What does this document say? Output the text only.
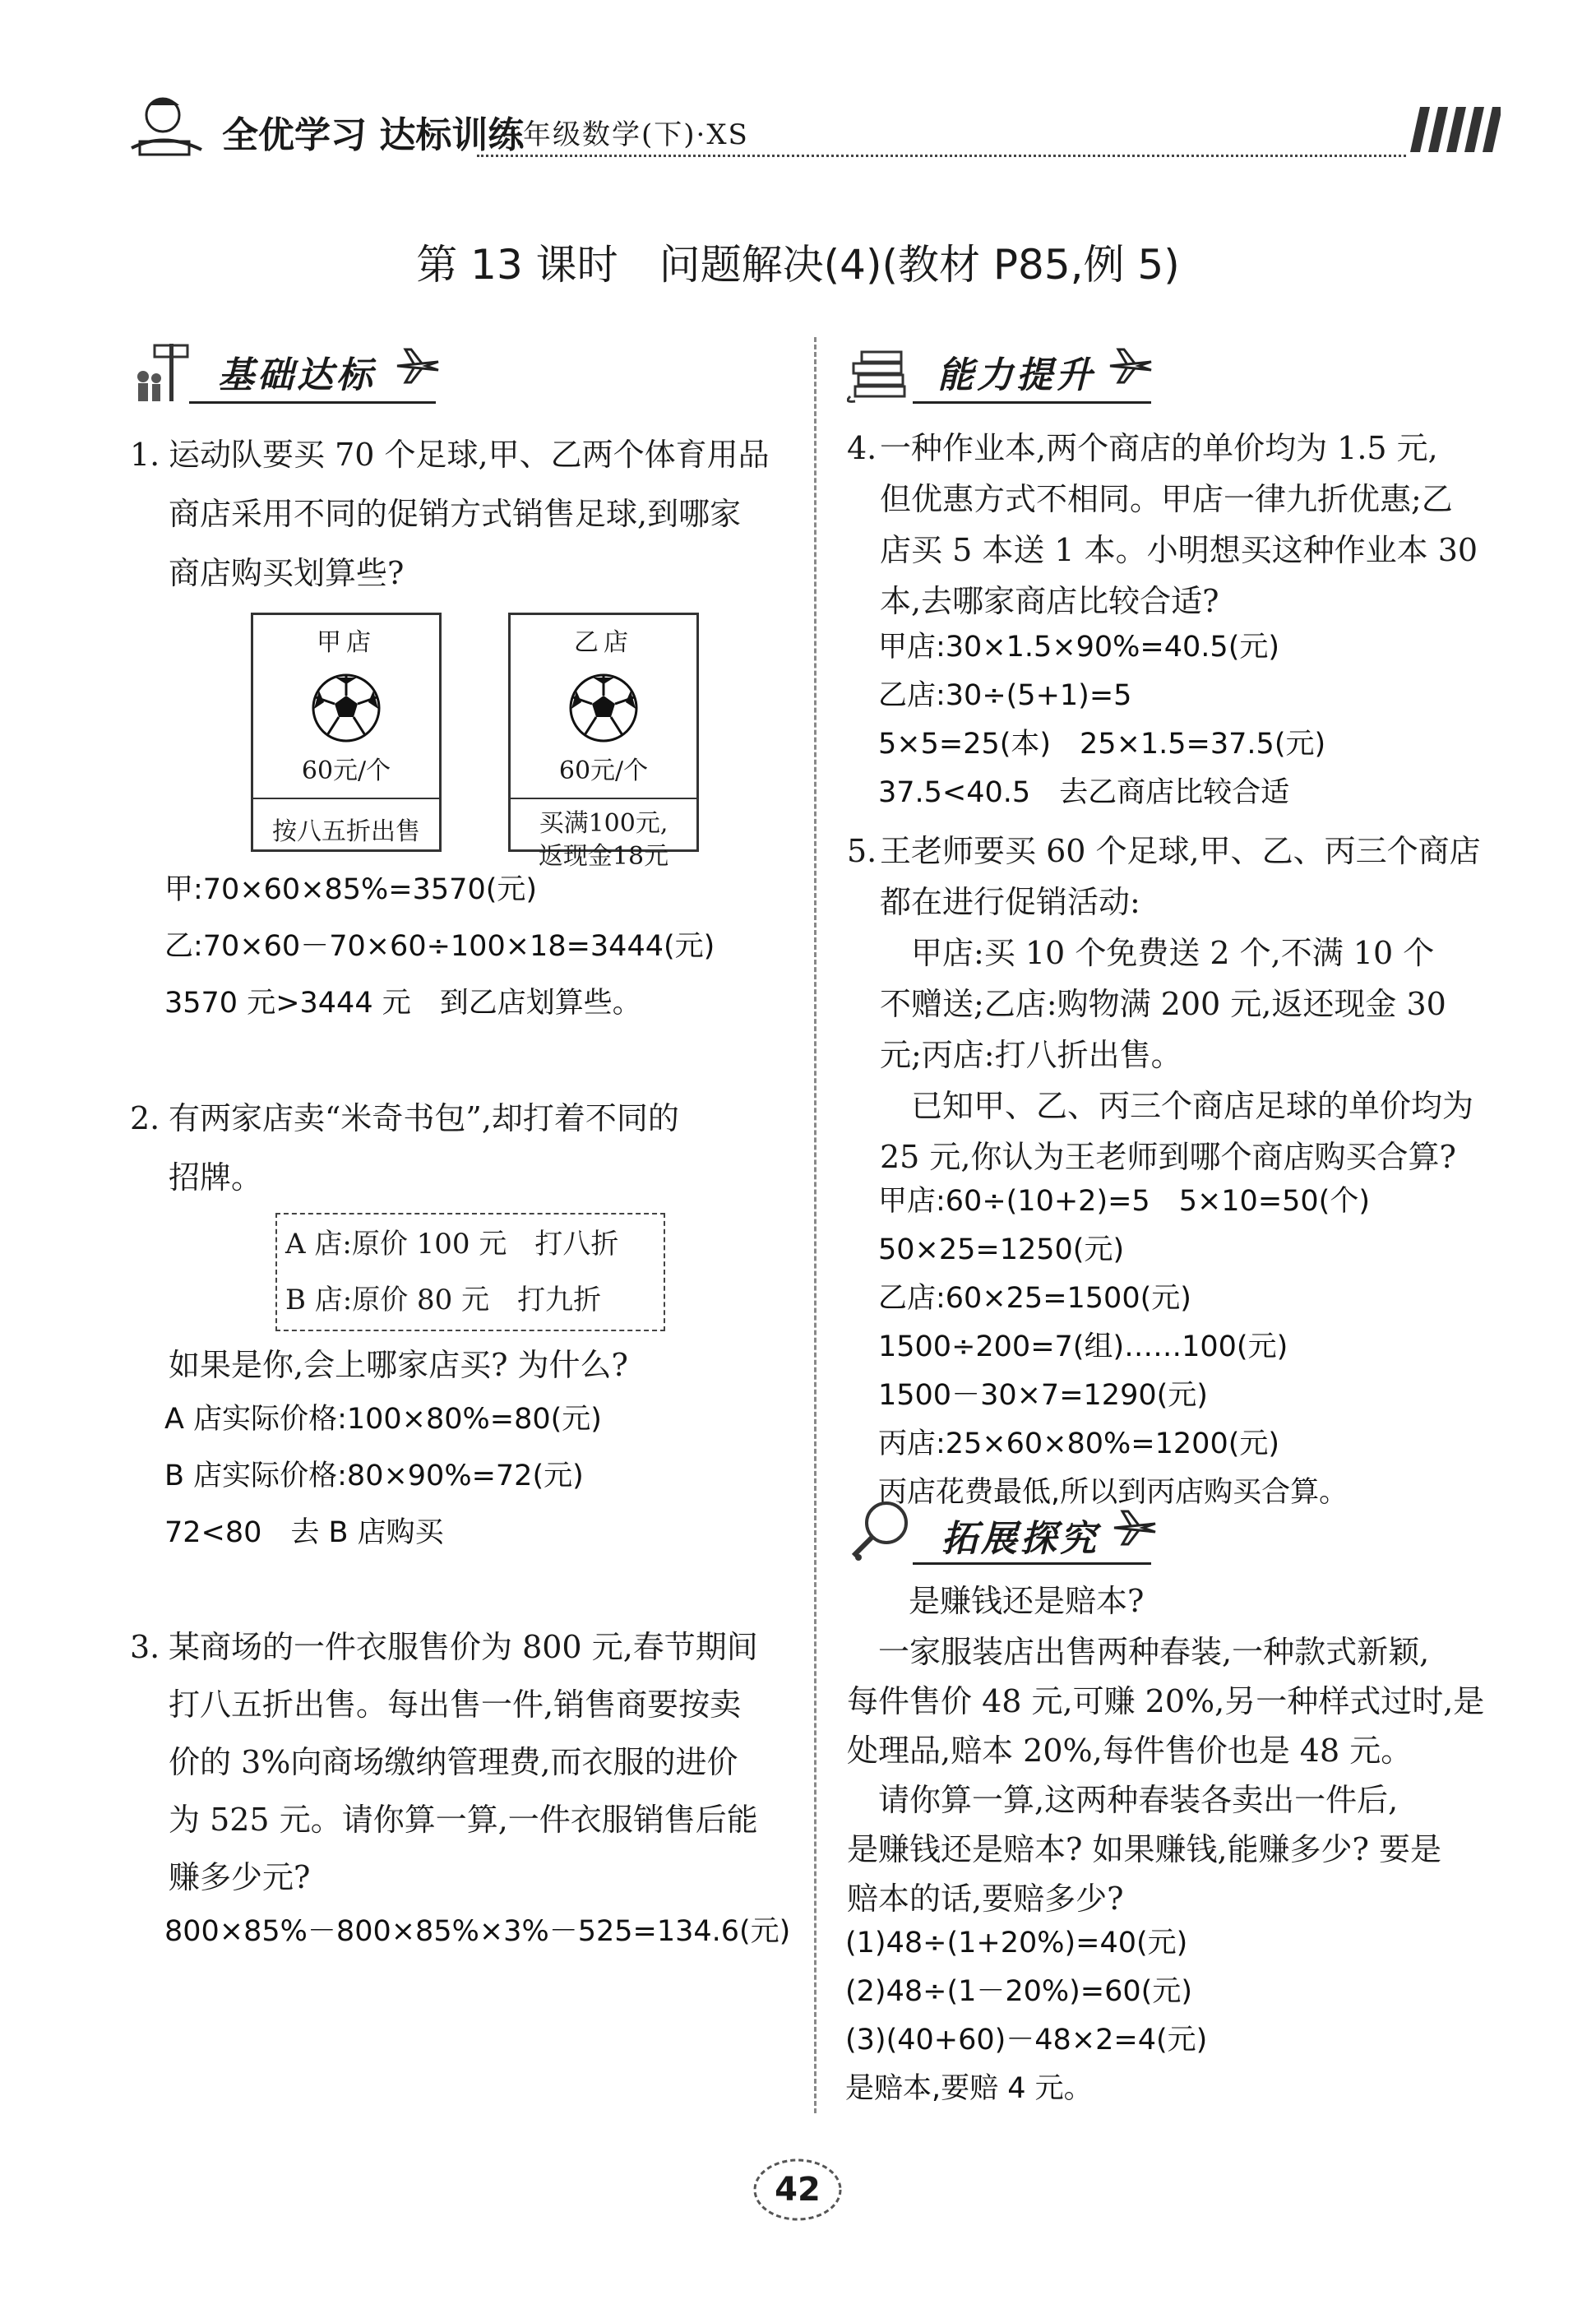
全优学习 达标训练
六年级数学(下)·XS
第 13 课时　问题解决(4)(教材 P85,例 5)
基础达标
1. 运动队要买 70 个足球,甲、乙两个体育用品
商店采用不同的促销方式销售足球,到哪家
商店购买划算些?
甲店
60元/个
按八五折出售
乙店
60元/个
买满100元,
返现金18元
甲:70×60×85%=3570(元)
乙:70×60－70×60÷100×18=3444(元)
3570 元>3444 元　到乙店划算些。
2. 有两家店卖“米奇书包”,却打着不同的
招牌。
A 店:原价 100 元　打八折
B 店:原价 80 元　打九折
如果是你,会上哪家店买? 为什么?
A 店实际价格:100×80%=80(元)
B 店实际价格:80×90%=72(元)
72<80　去 B 店购买
3. 某商场的一件衣服售价为 800 元,春节期间
打八五折出售。每出售一件,销售商要按卖
价的 3%向商场缴纳管理费,而衣服的进价
为 525 元。请你算一算,一件衣服销售后能
赚多少元?
800×85%－800×85%×3%－525=134.6(元)
能力提升
4. 一种作业本,两个商店的单价均为 1.5 元,
但优惠方式不相同。甲店一律九折优惠;乙
店买 5 本送 1 本。小明想买这种作业本 30
本,去哪家商店比较合适?
甲店:30×1.5×90%=40.5(元)
乙店:30÷(5+1)=5
5×5=25(本)　25×1.5=37.5(元)
37.5<40.5　去乙商店比较合适
5. 王老师要买 60 个足球,甲、乙、丙三个商店
都在进行促销活动:
　甲店:买 10 个免费送 2 个,不满 10 个
不赠送;乙店:购物满 200 元,返还现金 30
元;丙店:打八折出售。
　已知甲、乙、丙三个商店足球的单价均为
25 元,你认为王老师到哪个商店购买合算?
甲店:60÷(10+2)=5　5×10=50(个)
50×25=1250(元)
乙店:60×25=1500(元)
1500÷200=7(组)……100(元)
1500－30×7=1290(元)
丙店:25×60×80%=1200(元)
丙店花费最低,所以到丙店购买合算。
拓展探究
是赚钱还是赔本?
　一家服装店出售两种春装,一种款式新颖,
每件售价 48 元,可赚 20%,另一种样式过时,是
处理品,赔本 20%,每件售价也是 48 元。
　请你算一算,这两种春装各卖出一件后,
是赚钱还是赔本? 如果赚钱,能赚多少? 要是
赔本的话,要赔多少?
(1)48÷(1+20%)=40(元)
(2)48÷(1－20%)=60(元)
(3)(40+60)－48×2=4(元)
是赔本,要赔 4 元。
42
